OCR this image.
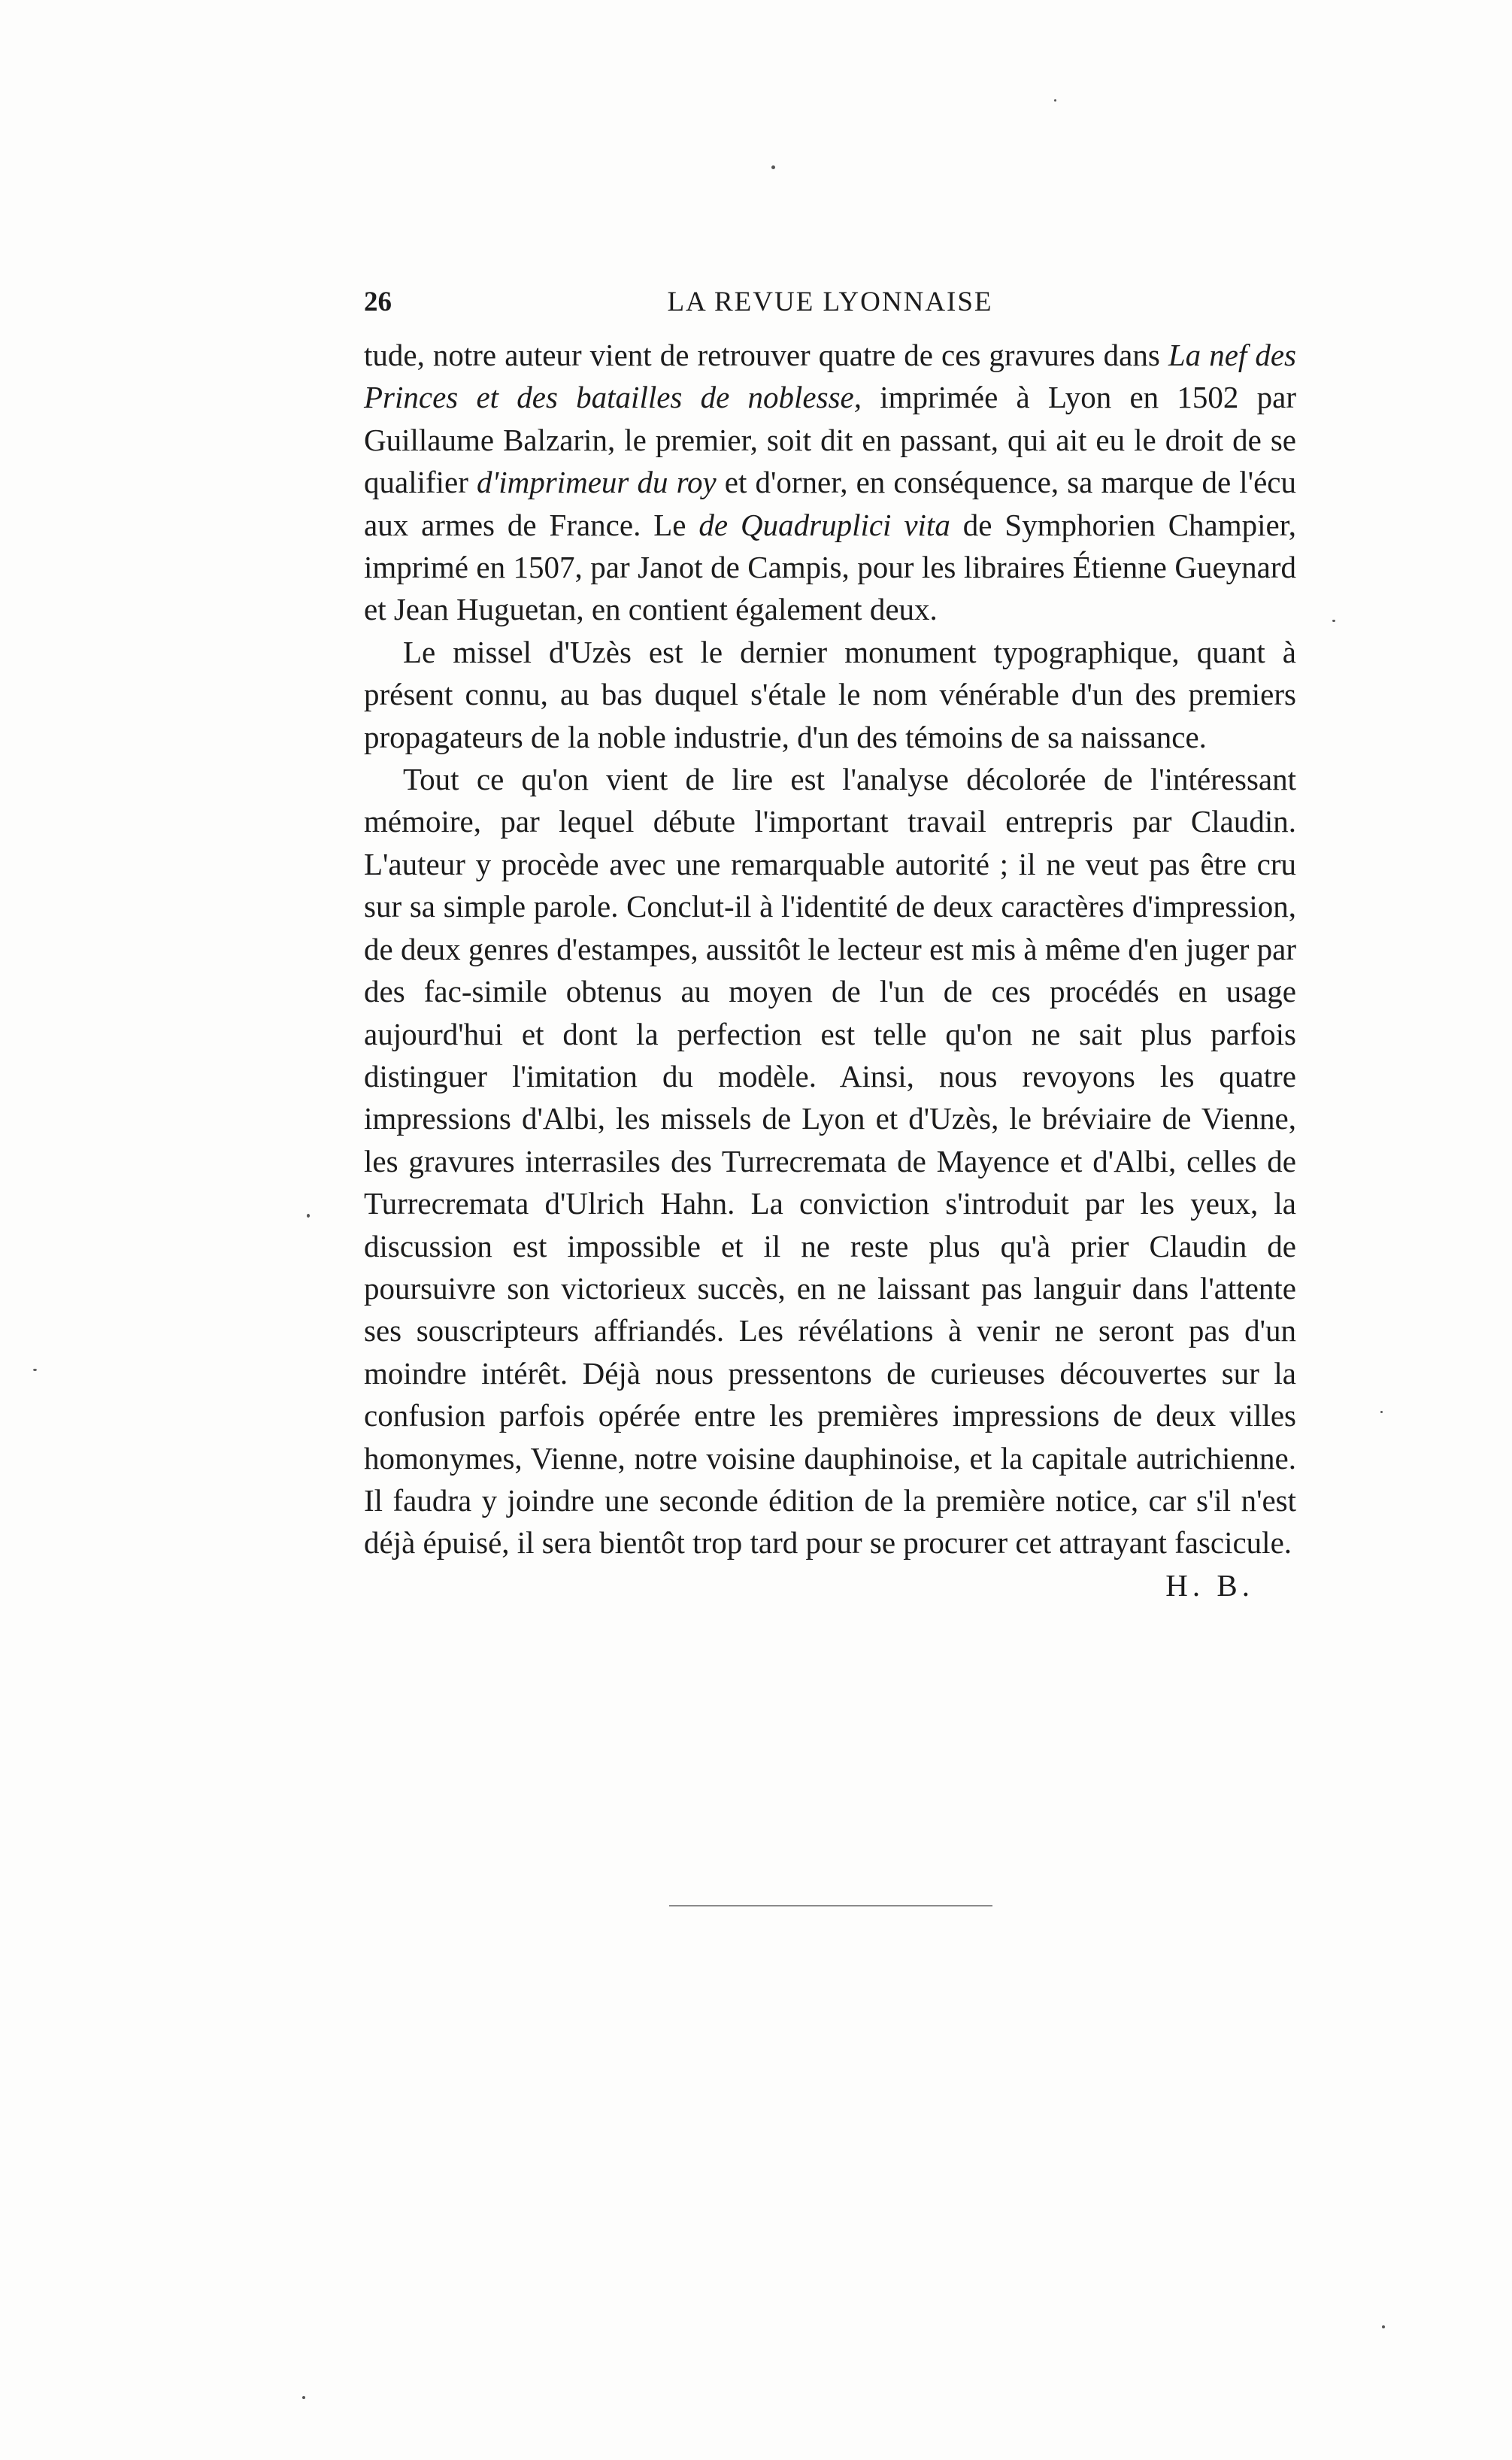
26	LA REVUE LYONNAISE

tude, notre auteur vient de retrouver quatre de ces gravures dans La nef des Princes et des batailles de noblesse, imprimée à Lyon en 1502 par Guillaume Balzarin, le premier, soit dit en passant, qui ait eu le droit de se qualifier d'imprimeur du roy et d'orner, en conséquence, sa marque de l'écu aux armes de France. Le de Quadruplici vita de Symphorien Champier, imprimé en 1507, par Janot de Campis, pour les libraires Étienne Gueynard et Jean Huguetan, en contient également deux.

Le missel d'Uzès est le dernier monument typographique, quant à présent connu, au bas duquel s'étale le nom vénérable d'un des premiers propagateurs de la noble industrie, d'un des témoins de sa naissance.

Tout ce qu'on vient de lire est l'analyse décolorée de l'intéressant mémoire, par lequel débute l'important travail entrepris par Claudin. L'auteur y procède avec une remarquable autorité ; il ne veut pas être cru sur sa simple parole. Conclut-il à l'identité de deux caractères d'impression, de deux genres d'estampes, aussitôt le lecteur est mis à même d'en juger par des fac-simile obtenus au moyen de l'un de ces procédés en usage aujourd'hui et dont la perfection est telle qu'on ne sait plus parfois distinguer l'imitation du modèle. Ainsi, nous revoyons les quatre impressions d'Albi, les missels de Lyon et d'Uzès, le bréviaire de Vienne, les gravures interrasiles des Turrecremata de Mayence et d'Albi, celles de Turrecremata d'Ulrich Hahn. La conviction s'introduit par les yeux, la discussion est impossible et il ne reste plus qu'à prier Claudin de poursuivre son victorieux succès, en ne laissant pas languir dans l'attente ses souscripteurs affriandés. Les révélations à venir ne seront pas d'un moindre intérêt. Déjà nous pressentons de curieuses découvertes sur la confusion parfois opérée entre les premières impressions de deux villes homonymes, Vienne, notre voisine dauphinoise, et la capitale autrichienne. Il faudra y joindre une seconde édition de la première notice, car s'il n'est déjà épuisé, il sera bientôt trop tard pour se procurer cet attrayant fascicule.

H. B.
